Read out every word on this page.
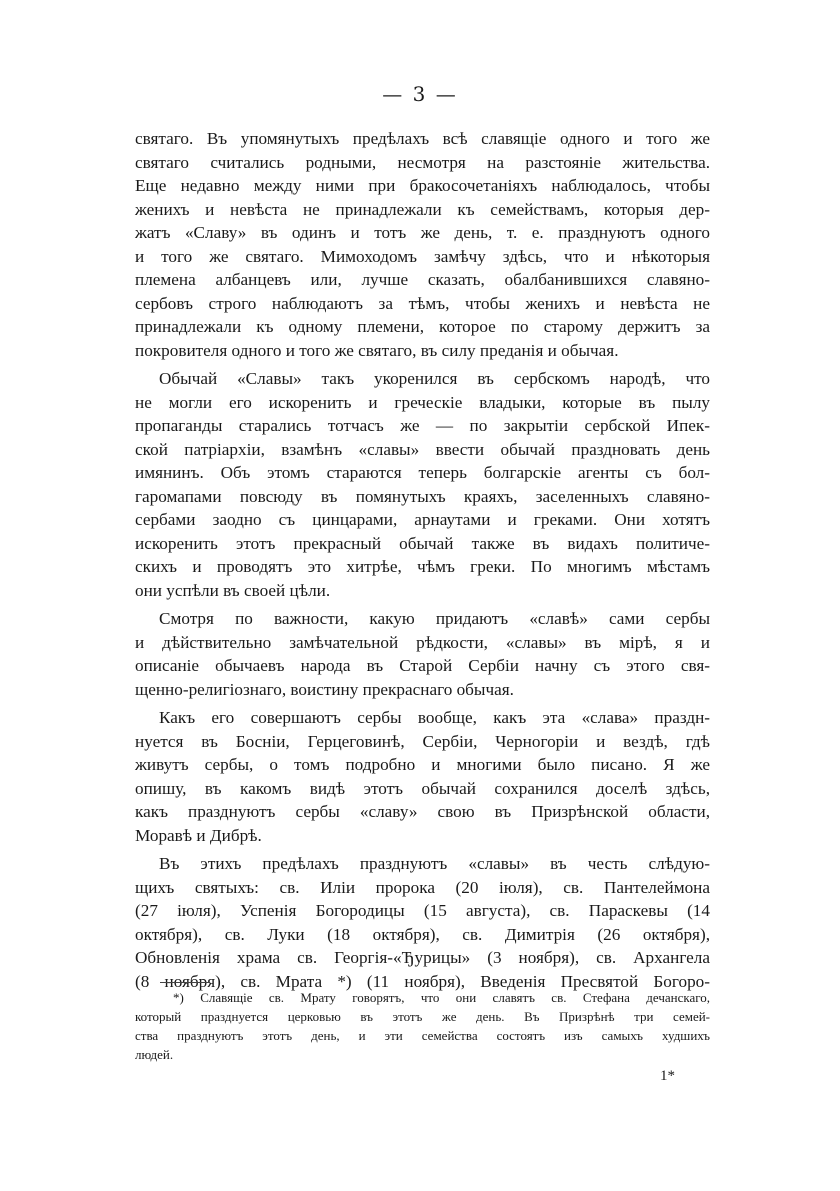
— 3 —
святаго. Въ упомянутыхъ предѣлахъ всѣ славящіе одного и того же
святаго считались родными, несмотря на разстояніе жительства.
Еще недавно между ними при бракосочетаніяхъ наблюдалось, чтобы
женихъ и невѣста не принадлежали къ семействамъ, которыя дер-
жатъ «Славу» въ одинъ и тотъ же день, т. е. празднуютъ одного
и того же святаго. Мимоходомъ замѣчу здѣсь, что и нѣкоторыя
племена албанцевъ или, лучше сказать, обалбанившихся славяно-
сербовъ строго наблюдаютъ за тѣмъ, чтобы женихъ и невѣста не
принадлежали къ одному племени, которое по старому держитъ за
покровителя одного и того же святаго, въ силу преданія и обычая.
Обычай «Славы» такъ укоренился въ сербскомъ народѣ, что
не могли его искоренить и греческіе владыки, которые въ пылу
пропаганды старались тотчасъ же — по закрытіи сербской Ипек-
ской патріархіи, взамѣнъ «славы» ввести обычай праздновать день
имянинъ. Объ этомъ стараются теперь болгарскіе агенты съ бол-
гаромапами повсюду въ помянутыхъ краяхъ, заселенныхъ славяно-
сербами заодно съ цинцарами, арнаутами и греками. Они хотятъ
искоренить этотъ прекрасный обычай также въ видахъ политиче-
скихъ и проводятъ это хитрѣе, чѣмъ греки. По многимъ мѣстамъ
они успѣли въ своей цѣли.
Смотря по важности, какую придаютъ «славѣ» сами сербы
и дѣйствительно замѣчательной рѣдкости, «славы» въ мірѣ, я и
описаніе обычаевъ народа въ Старой Сербіи начну съ этого свя-
щенно-религіознаго, воистину прекраснаго обычая.
Какъ его совершаютъ сербы вообще, какъ эта «слава» праздн-
нуется въ Босніи, Герцеговинѣ, Сербіи, Черногоріи и вездѣ, гдѣ
живутъ сербы, о томъ подробно и многими было писано. Я же
опишу, въ какомъ видѣ этотъ обычай сохранился доселѣ здѣсь,
какъ празднуютъ сербы «славу» свою въ Призрѣнской области,
Моравѣ и Дибрѣ.
Въ этихъ предѣлахъ празднуютъ «славы» въ честь слѣдую-
щихъ святыхъ: св. Иліи пророка (20 іюля), св. Пантелеймона
(27 іюля), Успенія Богородицы (15 августа), св. Параскевы (14
октября), св. Луки (18 октября), св. Димитрія (26 октября),
Обновленія храма св. Георгія-«Ђурицы» (3 ноября), св. Архангела
(8 ноября), св. Мрата *) (11 ноября), Введенія Пресвятой Богоро-
*) Славящіе св. Мрату говорятъ, что они славятъ св. Стефана дечанскаго,
который празднуется церковью въ этотъ же день. Въ Призрѣнѣ три семей-
ства празднуютъ этотъ день, и эти семейства состоятъ изъ самыхъ худшихъ
людей.
1*
